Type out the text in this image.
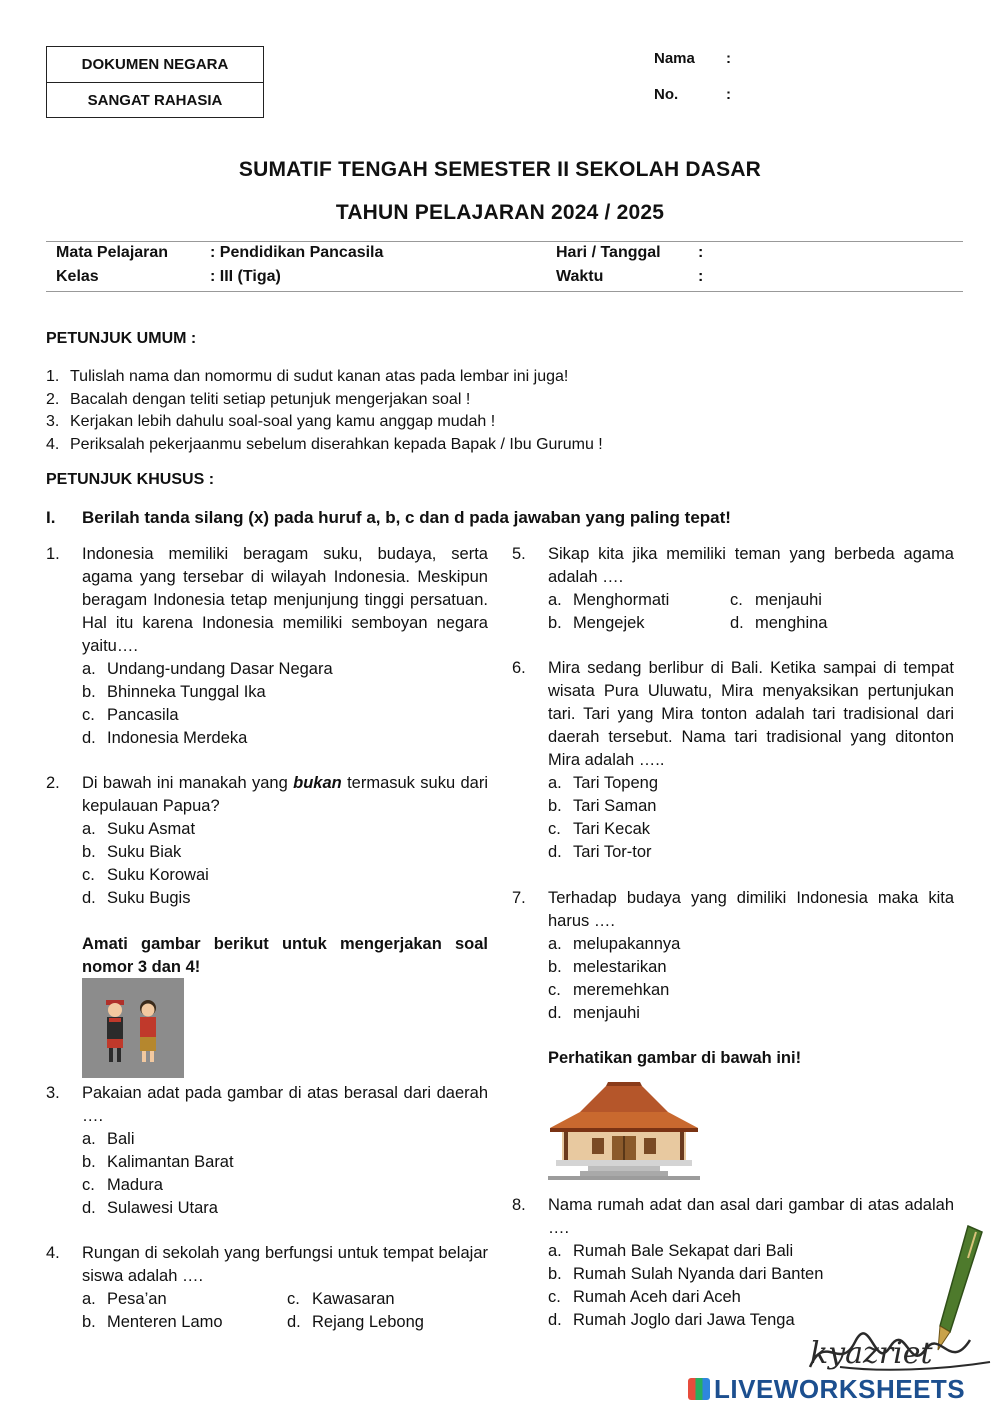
DOKUMEN NEGARA
SANGAT RAHASIA
Nama :
No.	:
SUMATIF TENGAH SEMESTER II SEKOLAH DASAR
TAHUN PELAJARAN 2024 / 2025
Mata Pelajaran	: Pendidikan Pancasila	Hari / Tanggal :
Kelas	: III (Tiga)	Waktu	:
PETUNJUK UMUM :
1. Tulislah nama dan nomormu di sudut kanan atas pada lembar ini juga!
2. Bacalah dengan teliti setiap petunjuk mengerjakan soal !
3. Kerjakan lebih dahulu soal-soal yang kamu anggap mudah !
4. Periksalah pekerjaanmu sebelum diserahkan kepada Bapak / Ibu Gurumu !
PETUNJUK KHUSUS :
I. Berilah tanda silang (x) pada huruf a, b, c dan d pada jawaban yang paling tepat!
1. Indonesia memiliki beragam suku, budaya, serta agama yang tersebar di wilayah Indonesia. Meskipun beragam Indonesia tetap menjunjung tinggi persatuan. Hal itu karena Indonesia memiliki semboyan negara yaitu….
a. Undang-undang Dasar Negara
b. Bhinneka Tunggal Ika
c. Pancasila
d. Indonesia Merdeka
2. Di bawah ini manakah yang bukan termasuk suku dari kepulauan Papua?
a. Suku Asmat
b. Suku Biak
c. Suku Korowai
d. Suku Bugis
Amati gambar berikut untuk mengerjakan soal nomor 3 dan 4!
3. Pakaian adat pada gambar di atas berasal dari daerah ….
a. Bali
b. Kalimantan Barat
c. Madura
d. Sulawesi Utara
4. Rungan di sekolah yang berfungsi untuk tempat belajar siswa adalah ….
a. Pesa’an	c. Kawasaran
b. Menteren Lamo	d. Rejang Lebong
5. Sikap kita jika memiliki teman yang berbeda agama adalah ….
a. Menghormati	c. menjauhi
b. Mengejek	d. menghina
6. Mira sedang berlibur di Bali. Ketika sampai di tempat wisata Pura Uluwatu, Mira menyaksikan pertunjukan tari. Tari yang Mira tonton adalah tari tradisional dari daerah tersebut. Nama tari tradisional yang ditonton Mira adalah …..
a. Tari Topeng
b. Tari Saman
c. Tari Kecak
d. Tari Tor-tor
7. Terhadap budaya yang dimiliki Indonesia maka kita harus ….
a. melupakannya
b. melestarikan
c. meremehkan
d. menjauhi
Perhatikan gambar di bawah ini!
8. Nama rumah adat dan asal dari gambar di atas adalah ….
a. Rumah Bale Sekapat dari Bali
b. Rumah Sulah Nyanda dari Banten
c. Rumah Aceh dari Aceh
d. Rumah Joglo dari Jawa Tenga
kyazriet
LIVEWORKSHEETS
